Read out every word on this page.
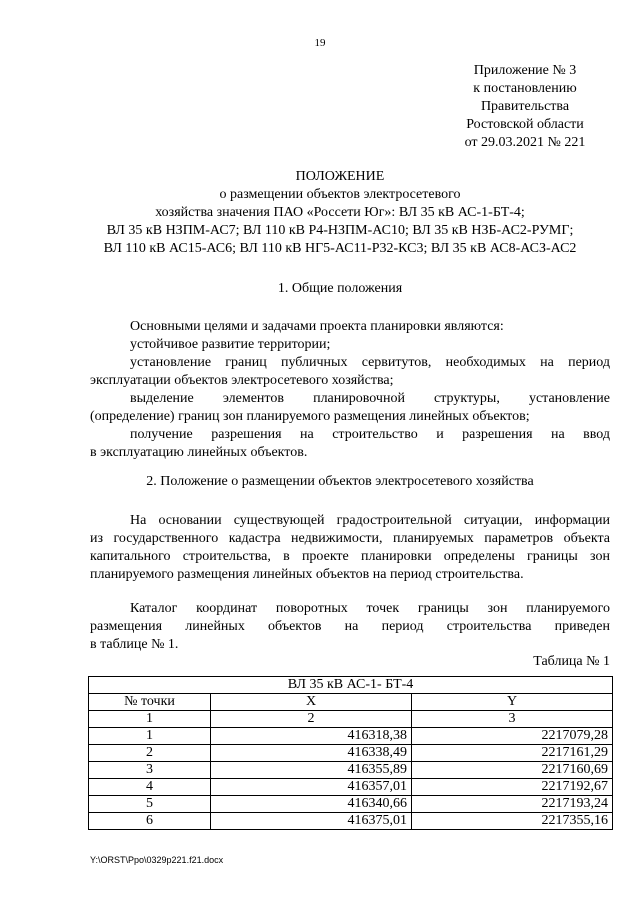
19
Приложение № 3
к постановлению
Правительства
Ростовской области
от 29.03.2021 № 221
ПОЛОЖЕНИЕ
о размещении объектов электросетевого
хозяйства значения ПАО «Россети Юг»: ВЛ 35 кВ АС-1-БТ-4;
ВЛ 35 кВ НЗПМ-АС7; ВЛ 110 кВ Р4-НЗПМ-АС10; ВЛ 35 кВ НЗБ-АС2-РУМГ;
ВЛ 110 кВ АС15-АС6; ВЛ 110 кВ НГ5-АС11-Р32-КС3; ВЛ 35 кВ АС8-АСЗ-АС2
1. Общие положения
Основными целями и задачами проекта планировки являются:
устойчивое развитие территории;
установление границ публичных сервитутов, необходимых на период
эксплуатации объектов электросетевого хозяйства;
выделение элементов планировочной структуры, установление
(определение) границ зон планируемого размещения линейных объектов;
получение разрешения на строительство и разрешения на ввод
в эксплуатацию линейных объектов.
2. Положение о размещении объектов электросетевого хозяйства
На основании существующей градостроительной ситуации, информации
из государственного кадастра недвижимости, планируемых параметров объекта
капитального строительства, в проекте планировки определены границы зон
планируемого размещения линейных объектов на период строительства.
Каталог координат поворотных точек границы зон планируемого
размещения линейных объектов на период строительства приведен
в таблице № 1.
Таблица № 1
ВЛ 35 кВ АС-1- БТ-4		
№ точки	X	Y
1	2	3
1	416318,38	2217079,28
2	416338,49	2217161,29
3	416355,89	2217160,69
4	416357,01	2217192,67
5	416340,66	2217193,24
6	416375,01	2217355,16
Y:\ORST\Ppo\0329p221.f21.docx
